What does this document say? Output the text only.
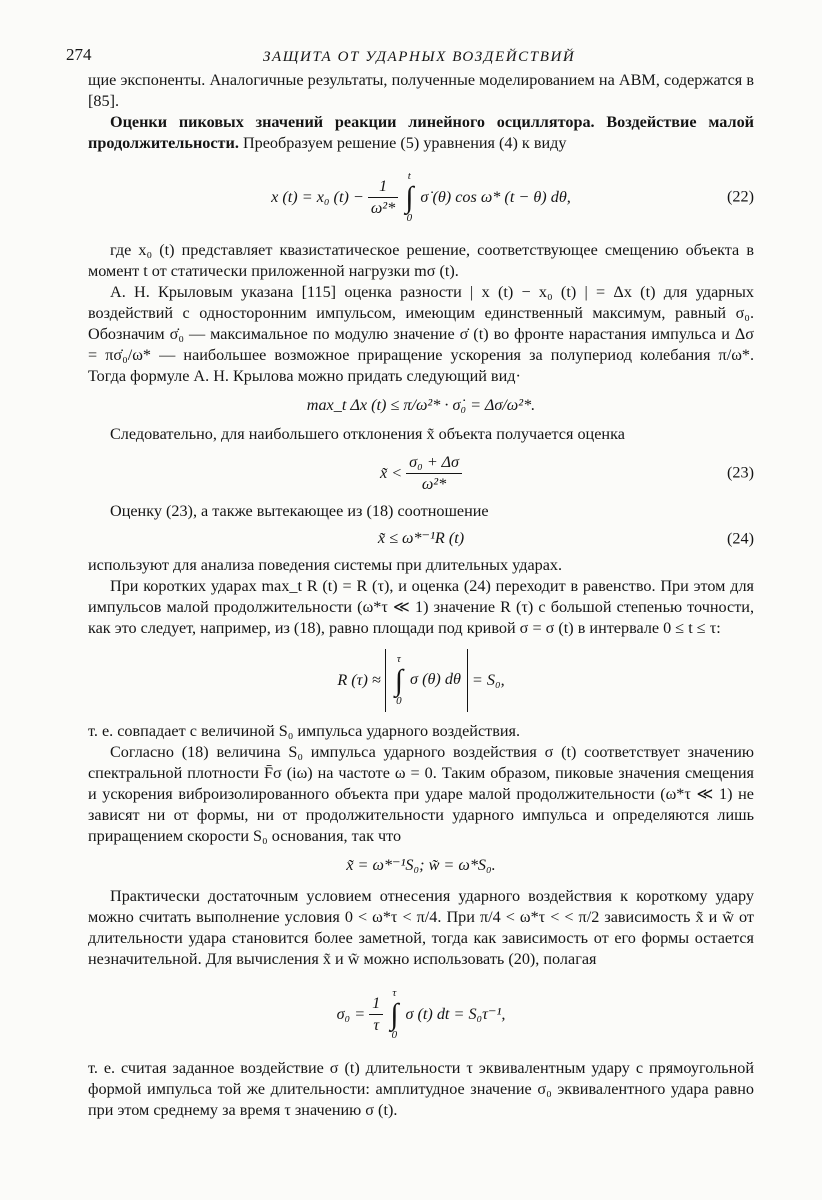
274	ЗАЩИТА ОТ УДАРНЫХ ВОЗДЕЙСТВИЙ

щие экспоненты. Аналогичные результаты, полученные моделированием на АВМ, содержатся в [85].

Оценки пиковых значений реакции линейного осциллятора. Воздействие малой продолжительности. Преобразуем решение (5) уравнения (4) к виду

x (t) = x₀ $(t) - \frac{1}{\text{ω²*}}$ t
∫
0
σ̇ (θ) cos ω* (t − θ) dθ,	(22)

где x₀ (t) представляет квазистатическое решение, соответствующее смещению объекта в момент t от статически приложенной нагрузки mσ (t).

А. Н. Крыловым указана [115] оценка разности | x (t) − x₀ (t) | = Δx (t) для ударных воздействий с односторонним импульсом, имеющим единственный максимум, равный σ₀. Обозначим σ̇₀ — максимальное по модулю значение σ̇ (t) во фронте нарастания импульса и Δσ = πσ̇₀/ω* — наибольшее возможное приращение ускорения за полупериод колебания π/ω*. Тогда формуле А. Н. Крылова можно придать следующий вид·

max_t Δx (t) ≤ π/ω²* · σ̇₀ = Δσ/ω²*.

Следовательно, для наибольшего отклонения x̃ объекта получается оценка

x̃ < $\frac{\text{σ₀ + Δσ}}{\text{ω²*}}$	(23)

Оценку (23), а также вытекающее из (18) соотношение

x̃ ≤ ω*⁻¹R (t)	(24)

используют для анализа поведения системы при длительных ударах.

При коротких ударах max_t R (t) = R (τ), и оценка (24) переходит в равенство. При этом для импульсов малой продолжительности (ω*τ ≪ 1) значение R (τ) с большой степенью точности, как это следует, например, из (18), равно площади под кривой σ = σ (t) в интервале 0 ≤ t ≤ τ:

R (τ) ≈
τ
∫
0
σ (θ) dθ = S₀,

т. е. совпадает с величиной S₀ импульса ударного воздействия.

Согласно (18) величина S₀ импульса ударного воздействия σ (t) соответствует значению спектральной плотности F̄σ (iω) на частоте ω = 0. Таким образом, пиковые значения смещения и ускорения виброизолированного объекта при ударе малой продолжительности (ω*τ ≪ 1) не зависят ни от формы, ни от продолжительности ударного импульса и определяются лишь приращением скорости S₀ основания, так что

x̃ = ω*⁻¹S₀; w̃ = ω*S₀.

Практически достаточным условием отнесения ударного воздействия к короткому удару можно считать выполнение условия 0 < ω*τ < π/4. При π/4 < ω*τ < < π/2 зависимость x̃ и w̃ от длительности удара становится более заметной, тогда как зависимость от его формы остается незначительной. Для вычисления x̃ и w̃ можно использовать (20), полагая

$\sigma_0 = \frac{1}{\tau}$ τ
∫
0
σ (t) dt = S₀τ⁻¹,

т. е. считая заданное воздействие σ (t) длительности τ эквивалентным удару с прямоугольной формой импульса той же длительности: амплитудное значение σ₀ эквивалентного удара равно при этом среднему за время τ значению σ (t).
